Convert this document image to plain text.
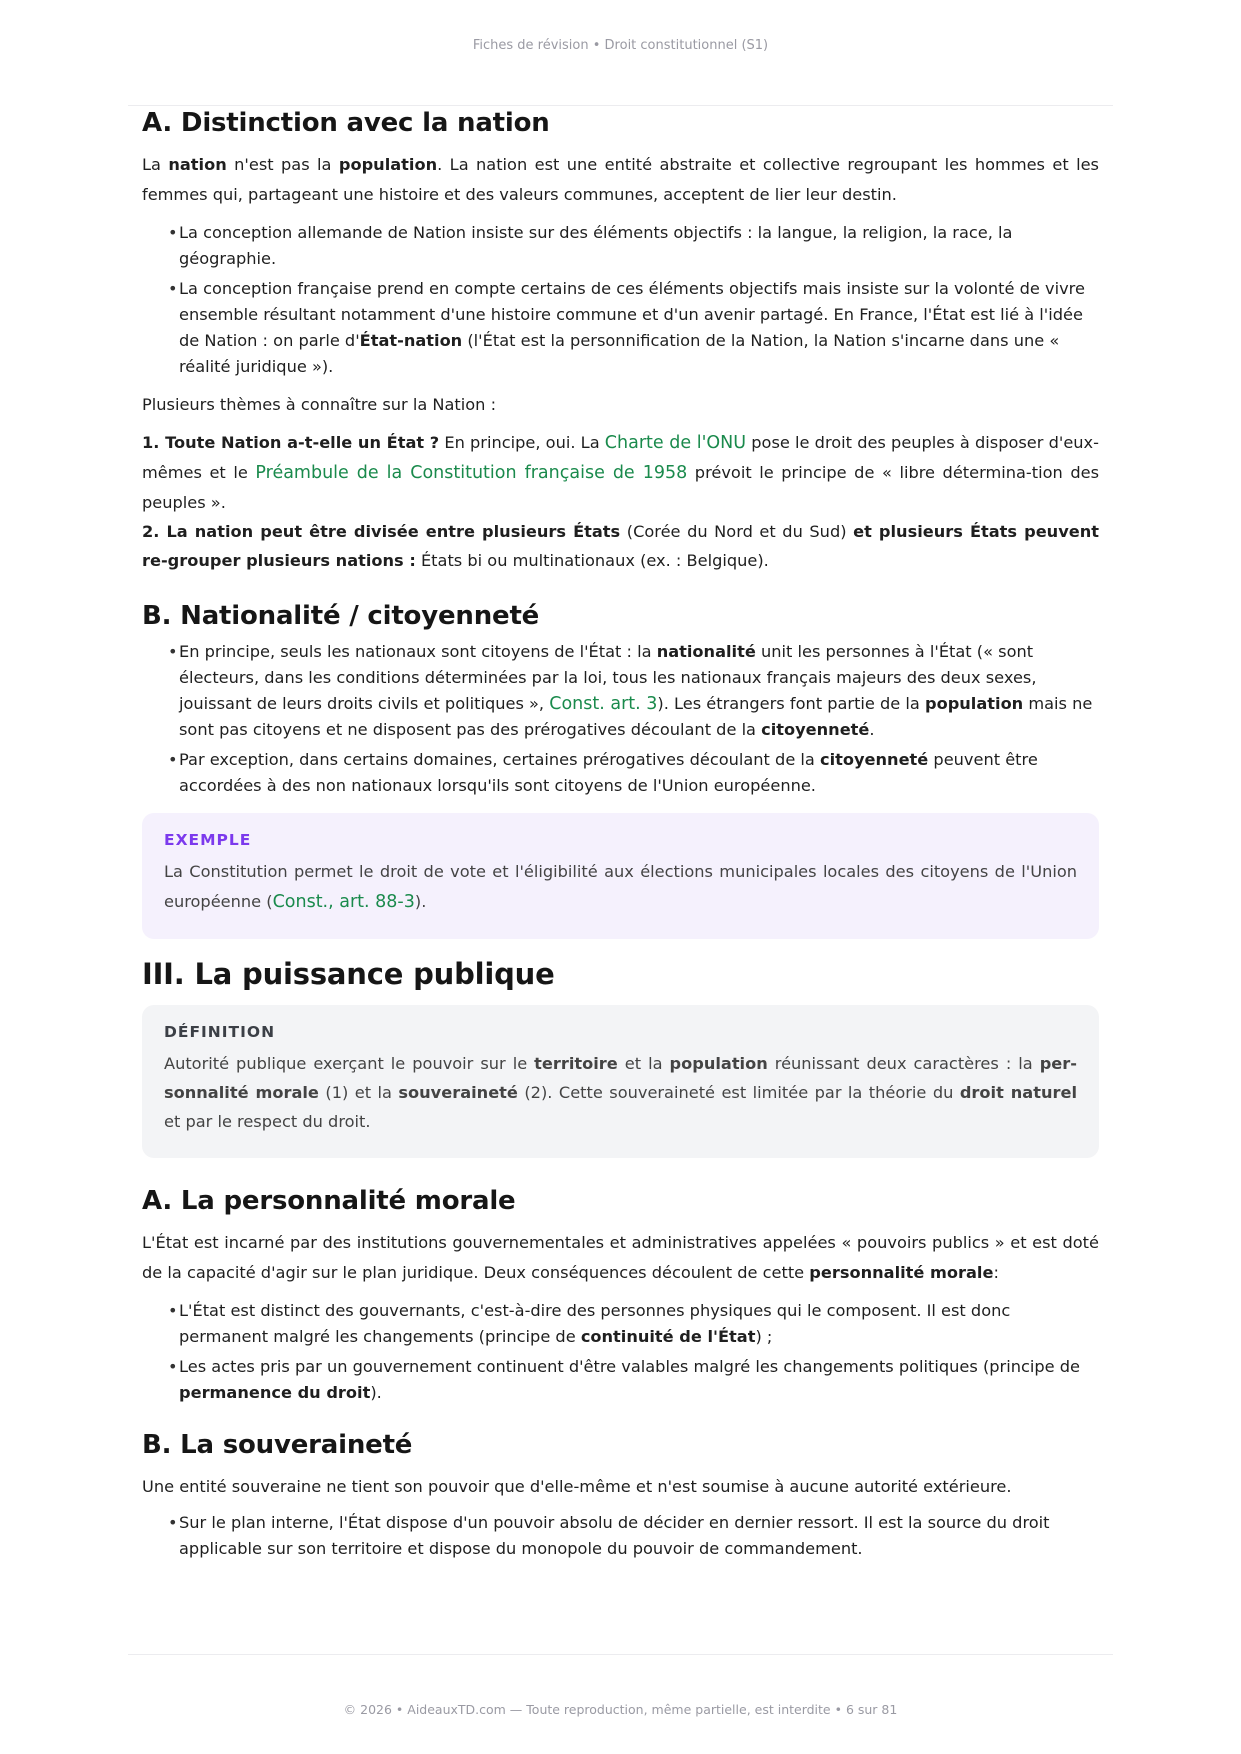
Fiches de révision • Droit constitutionnel (S1)
A. Distinction avec la nation

La nation n'est pas la population. La nation est une entité abstraite et collective regroupant les hommes et les femmes qui, partageant une histoire et des valeurs communes, acceptent de lier leur destin.

• La conception allemande de Nation insiste sur des éléments objectifs : la langue, la religion, la race, la géographie.
• La conception française prend en compte certains de ces éléments objectifs mais insiste sur la volonté de vivre ensemble résultant notamment d'une histoire commune et d'un avenir partagé. En France, l'État est lié à l'idée de Nation : on parle d'État-nation (l'État est la personnification de la Nation, la Nation s'incarne dans une « réalité juridique »).

Plusieurs thèmes à connaître sur la Nation :

1. Toute Nation a-t-elle un État ? En principe, oui. La Charte de l'ONU pose le droit des peuples à disposer d'eux-mêmes et le Préambule de la Constitution française de 1958 prévoit le principe de « libre détermina-tion des peuples ».

2. La nation peut être divisée entre plusieurs États (Corée du Nord et du Sud) et plusieurs États peuvent re-grouper plusieurs nations : États bi ou multinationaux (ex. : Belgique).

B. Nationalité / citoyenneté
• En principe, seuls les nationaux sont citoyens de l'État : la nationalité unit les personnes à l'État (« sont électeurs, dans les conditions déterminées par la loi, tous les nationaux français majeurs des deux sexes, jouissant de leurs droits civils et politiques », Const. art. 3). Les étrangers font partie de la population mais ne sont pas citoyens et ne disposent pas des prérogatives découlant de la citoyenneté.
• Par exception, dans certains domaines, certaines prérogatives découlant de la citoyenneté peuvent être accordées à des non nationaux lorsqu'ils sont citoyens de l'Union européenne.
EXEMPLE

La Constitution permet le droit de vote et l'éligibilité aux élections municipales locales des citoyens de l'Union européenne (Const., art. 88-3).

III. La puissance publique
DÉFINITION

Autorité publique exerçant le pouvoir sur le territoire et la population réunissant deux caractères : la per-sonnalité morale (1) et la souveraineté (2). Cette souveraineté est limitée par la théorie du droit naturel et par le respect du droit.

A. La personnalité morale

L'État est incarné par des institutions gouvernementales et administratives appelées « pouvoirs publics » et est doté de la capacité d'agir sur le plan juridique. Deux conséquences découlent de cette personnalité morale:

• L'État est distinct des gouvernants, c'est-à-dire des personnes physiques qui le composent. Il est donc permanent malgré les changements (principe de continuité de l'État) ;
• Les actes pris par un gouvernement continuent d'être valables malgré les changements politiques (principe de permanence du droit).
B. La souveraineté

Une entité souveraine ne tient son pouvoir que d'elle-même et n'est soumise à aucune autorité extérieure.

• Sur le plan interne, l'État dispose d'un pouvoir absolu de décider en dernier ressort. Il est la source du droit applicable sur son territoire et dispose du monopole du pouvoir de commandement.
© 2026 • AideauxTD.com — Toute reproduction, même partielle, est interdite • 6 sur 81
